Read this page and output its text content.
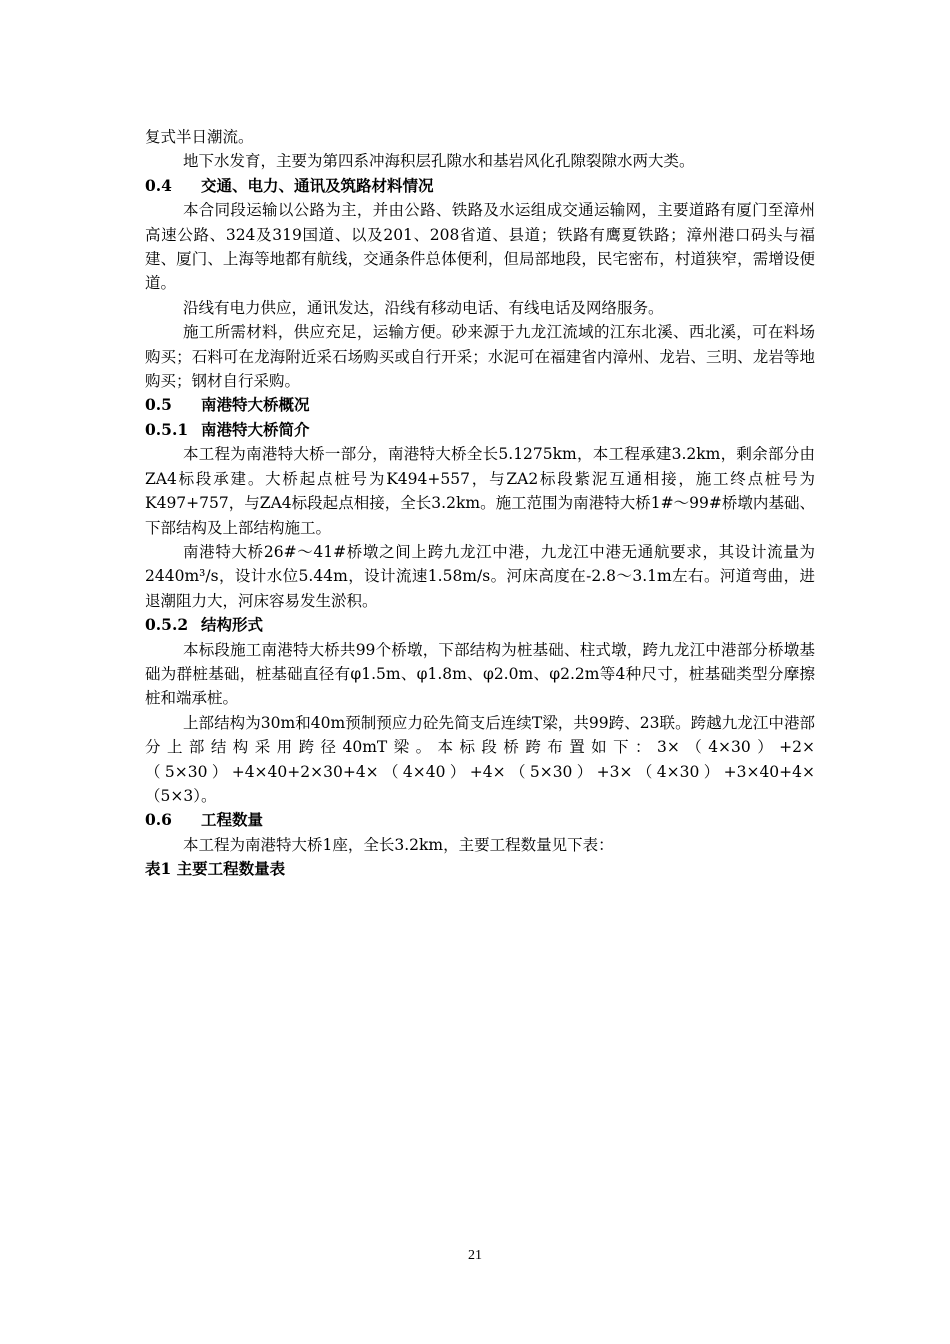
复式半日潮流。

地下水发育，主要为第四系冲海积层孔隙水和基岩风化孔隙裂隙水两大类。

0.4 交通、电力、通讯及筑路材料情况

本合同段运输以公路为主，并由公路、铁路及水运组成交通运输网，主要道路有厦门至漳州高速公路、324及319国道、以及201、208省道、县道；铁路有鹰夏铁路；漳州港口码头与福建、厦门、上海等地都有航线，交通条件总体便利，但局部地段，民宅密布，村道狭窄，需增设便道。

沿线有电力供应，通讯发达，沿线有移动电话、有线电话及网络服务。

施工所需材料，供应充足，运输方便。砂来源于九龙江流域的江东北溪、西北溪，可在料场购买；石料可在龙海附近采石场购买或自行开采；水泥可在福建省内漳州、龙岩、三明、龙岩等地购买；钢材自行采购。

0.5 南港特大桥概况

0.5.1 南港特大桥简介

本工程为南港特大桥一部分，南港特大桥全长5.1275km，本工程承建3.2km，剩余部分由ZA4标段承建。大桥起点桩号为K494+557，与ZA2标段紫泥互通相接，施工终点桩号为K497+757，与ZA4标段起点相接，全长3.2km。施工范围为南港特大桥1#～99#桥墩内基础、下部结构及上部结构施工。

南港特大桥26#～41#桥墩之间上跨九龙江中港，九龙江中港无通航要求，其设计流量为2440m³/s，设计水位5.44m，设计流速1.58m/s。河床高度在-2.8～3.1m左右。河道弯曲，进退潮阻力大，河床容易发生淤积。

0.5.2 结构形式

本标段施工南港特大桥共99个桥墩，下部结构为桩基础、柱式墩，跨九龙江中港部分桥墩基础为群桩基础，桩基础直径有φ1.5m、φ1.8m、φ2.0m、φ2.2m等4种尺寸，桩基础类型分摩擦桩和端承桩。

上部结构为30m和40m预制预应力砼先简支后连续T梁，共99跨、23联。跨越九龙江中港部分上部结构采用跨径40mT梁。本标段桥跨布置如下：3×（4×30）+2×（5×30）+4×40+2×30+4×（4×40）+4×（5×30）+3×（4×30）+3×40+4×（5×3）。

0.6 工程数量

本工程为南港特大桥1座，全长3.2km，主要工程数量见下表：

表1 主要工程数量表

21
